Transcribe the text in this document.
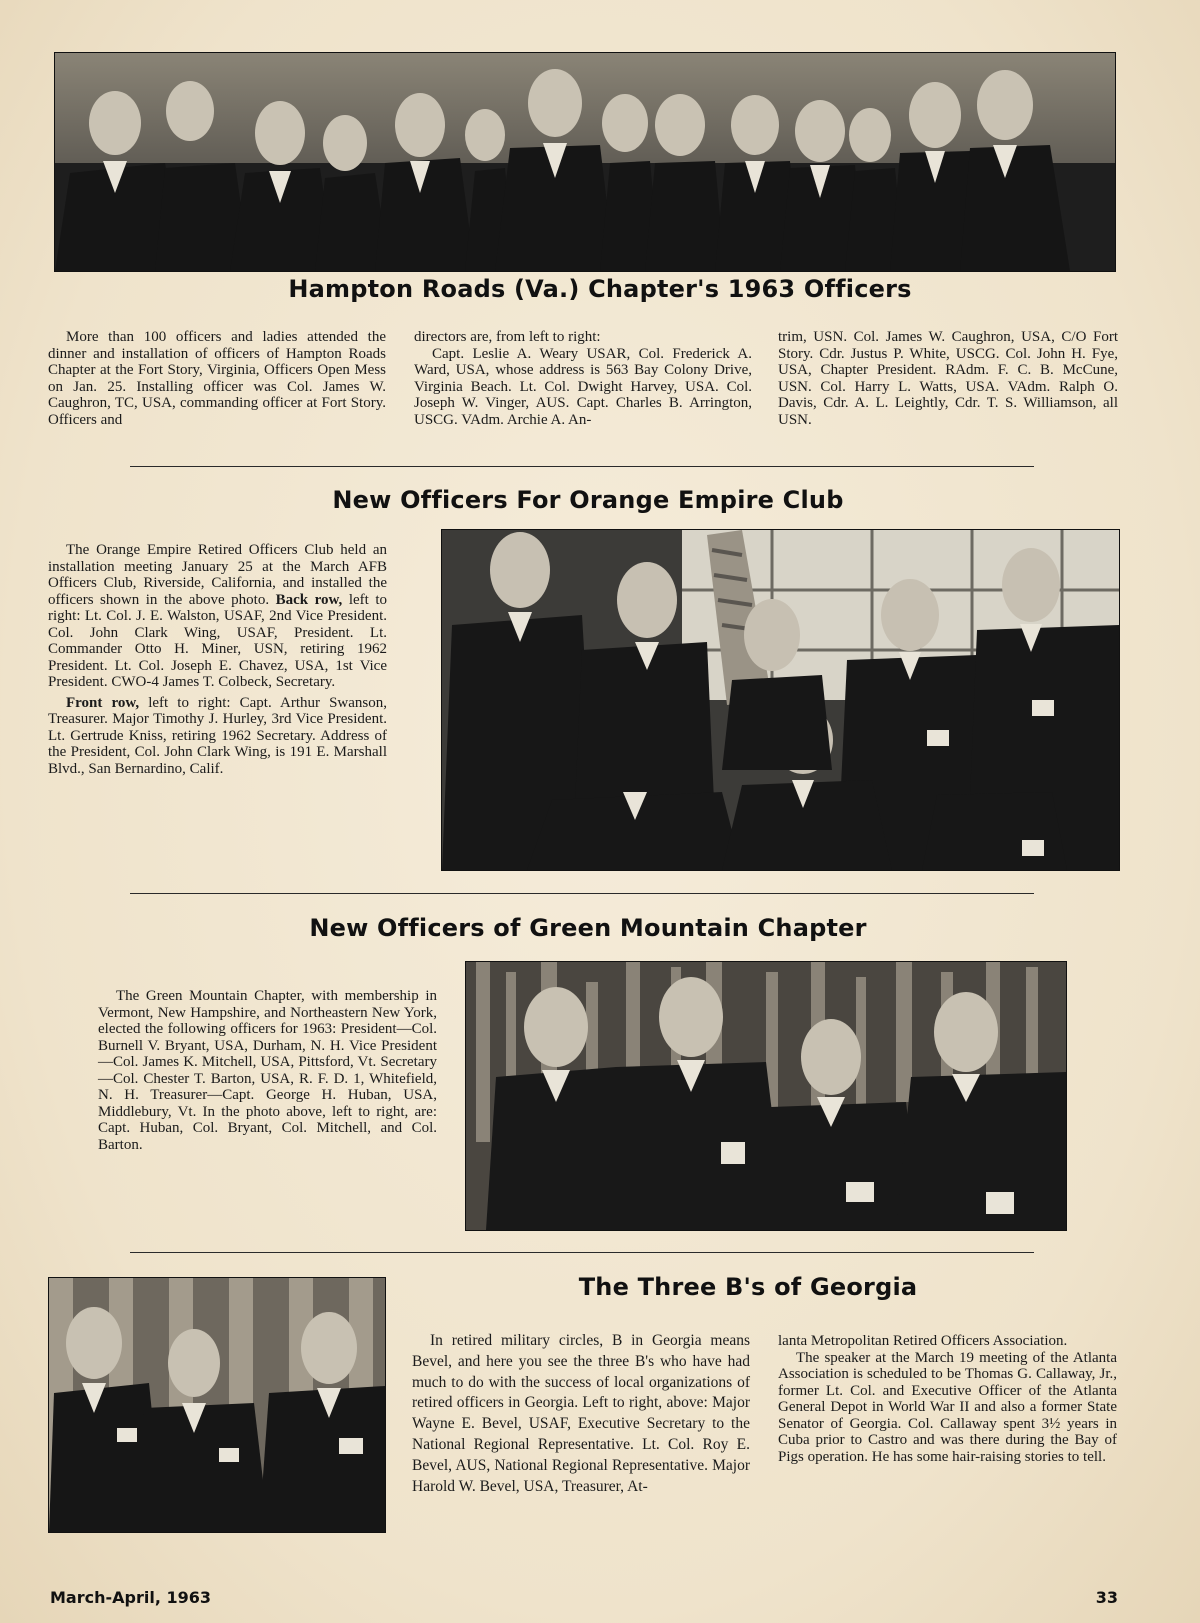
Hampton Roads (Va.) Chapter's 1963 Officers

More than 100 officers and ladies attended the dinner and installation of officers of Hampton Roads Chapter at the Fort Story, Virginia, Officers Open Mess on Jan. 25. Installing officer was Col. James W. Caughron, TC, USA, commanding officer at Fort Story. Officers and

directors are, from left to right:

Capt. Leslie A. Weary USAR, Col. Frederick A. Ward, USA, whose address is 563 Bay Colony Drive, Virginia Beach. Lt. Col. Dwight Harvey, USA. Col. Joseph W. Vinger, AUS. Capt. Charles B. Arrington, USCG. VAdm. Archie A. An-

trim, USN. Col. James W. Caughron, USA, C/O Fort Story. Cdr. Justus P. White, USCG. Col. John H. Fye, USA, Chapter President. RAdm. F. C. B. McCune, USN. Col. Harry L. Watts, USA. VAdm. Ralph O. Davis, Cdr. A. L. Leightly, Cdr. T. S. Williamson, all USN.

New Officers For Orange Empire Club

The Orange Empire Retired Officers Club held an installation meeting January 25 at the March AFB Officers Club, Riverside, California, and installed the officers shown in the above photo. Back row, left to right: Lt. Col. J. E. Walston, USAF, 2nd Vice President. Col. John Clark Wing, USAF, President. Lt. Commander Otto H. Miner, USN, retiring 1962 President. Lt. Col. Joseph E. Chavez, USA, 1st Vice President. CWO-4 James T. Colbeck, Secretary.

Front row, left to right: Capt. Arthur Swanson, Treasurer. Major Timothy J. Hurley, 3rd Vice President. Lt. Gertrude Kniss, retiring 1962 Secretary. Address of the President, Col. John Clark Wing, is 191 E. Marshall Blvd., San Bernardino, Calif.

New Officers of Green Mountain Chapter

The Green Mountain Chapter, with membership in Vermont, New Hampshire, and Northeastern New York, elected the following officers for 1963: President—Col. Burnell V. Bryant, USA, Durham, N. H. Vice President—Col. James K. Mitchell, USA, Pittsford, Vt. Secretary—Col. Chester T. Barton, USA, R. F. D. 1, Whitefield, N. H. Treasurer—Capt. George H. Huban, USA, Middlebury, Vt. In the photo above, left to right, are: Capt. Huban, Col. Bryant, Col. Mitchell, and Col. Barton.

The Three B's of Georgia

In retired military circles, B in Georgia means Bevel, and here you see the three B's who have had much to do with the success of local organizations of retired officers in Georgia. Left to right, above: Major Wayne E. Bevel, USAF, Executive Secretary to the National Regional Representative. Lt. Col. Roy E. Bevel, AUS, National Regional Representative. Major Harold W. Bevel, USA, Treasurer, At-

lanta Metropolitan Retired Officers Association.

The speaker at the March 19 meeting of the Atlanta Association is scheduled to be Thomas G. Callaway, Jr., former Lt. Col. and Executive Officer of the Atlanta General Depot in World War II and also a former State Senator of Georgia. Col. Callaway spent 3½ years in Cuba prior to Castro and was there during the Bay of Pigs operation. He has some hair-raising stories to tell.

March-April, 1963	33
